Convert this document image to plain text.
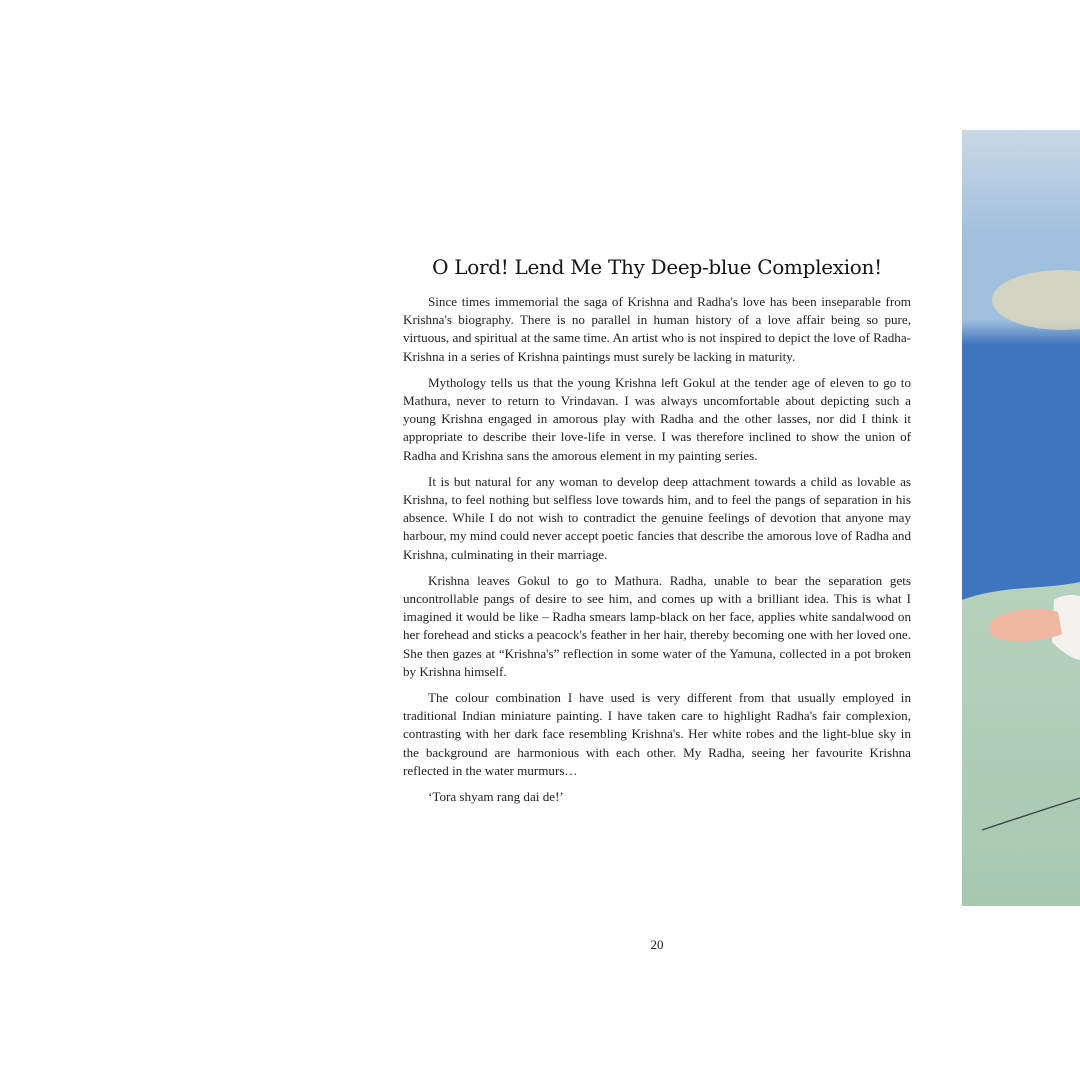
O Lord! Lend Me Thy Deep-blue Complexion!

Since times immemorial the saga of Krishna and Radha's love has been inseparable from Krishna's biography. There is no parallel in human history of a love affair being so pure, virtuous, and spiritual at the same time. An artist who is not inspired to depict the love of Radha-Krishna in a series of Krishna paintings must surely be lacking in maturity.

Mythology tells us that the young Krishna left Gokul at the tender age of eleven to go to Mathura, never to return to Vrindavan. I was always uncomfortable about depicting such a young Krishna engaged in amorous play with Radha and the other lasses, nor did I think it appropriate to describe their love-life in verse. I was therefore inclined to show the union of Radha and Krishna sans the amorous element in my painting series.

It is but natural for any woman to develop deep attachment towards a child as lovable as Krishna, to feel nothing but selfless love towards him, and to feel the pangs of separation in his absence. While I do not wish to contradict the genuine feelings of devotion that anyone may harbour, my mind could never accept poetic fancies that describe the amorous love of Radha and Krishna, culminating in their marriage.

Krishna leaves Gokul to go to Mathura. Radha, unable to bear the separation gets uncontrollable pangs of desire to see him, and comes up with a brilliant idea. This is what I imagined it would be like – Radha smears lamp-black on her face, applies white sandalwood on her forehead and sticks a peacock's feather in her hair, thereby becoming one with her loved one. She then gazes at “Krishna's” reflection in some water of the Yamuna, collected in a pot broken by Krishna himself.

The colour combination I have used is very different from that usually employed in traditional Indian miniature painting. I have taken care to highlight Radha's fair complexion, contrasting with her dark face resembling Krishna's. Her white robes and the light-blue sky in the background are harmonious with each other. My Radha, seeing her favourite Krishna reflected in the water murmurs…

‘Tora shyam rang dai de!’

20
